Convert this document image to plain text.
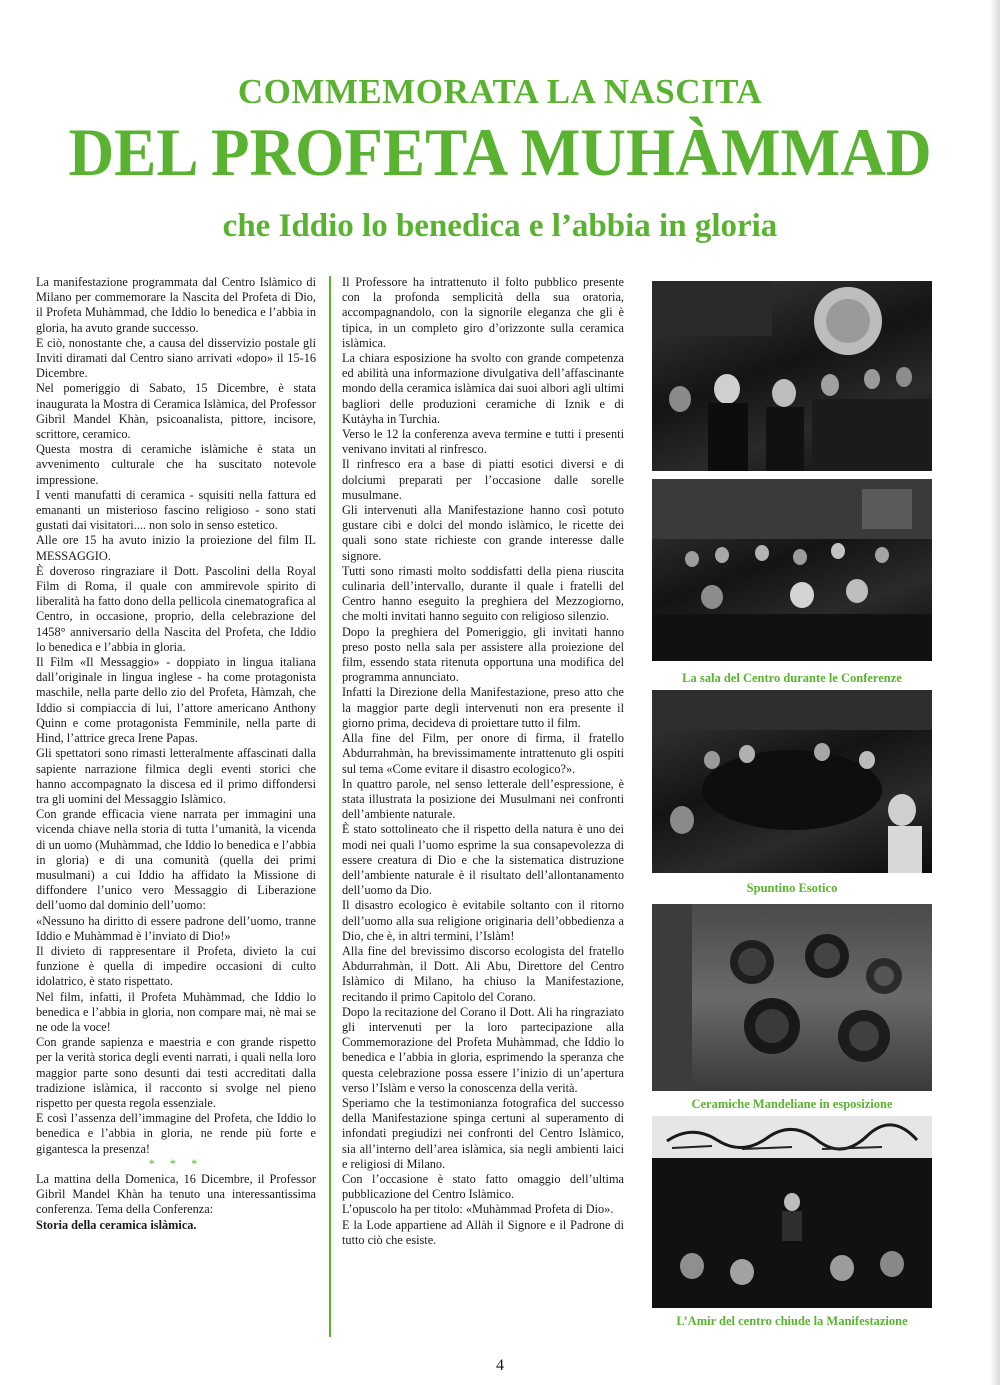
COMMEMORATA LA NASCITA
DEL PROFETA MUHÀMMAD
che Iddio lo benedica e l’abbia in gloria

La manifestazione programmata dal Centro Islàmico di Milano per commemorare la Nascita del Profeta di Dio, il Profeta Muhàmmad, che Iddio lo benedica e l’abbia in gloria, ha avuto grande successo.

E ciò, nonostante che, a causa del disservizio postale gli Inviti diramati dal Centro siano arrivati «dopo» il 15-16 Dicembre.

Nel pomeriggio di Sabato, 15 Dicembre, è stata inaugurata la Mostra di Ceramica Islàmica, del Professor Gibrìl Mandel Khàn, psicoanalista, pittore, incisore, scrittore, ceramico.

Questa mostra di ceramiche islàmiche è stata un avvenimento culturale che ha suscitato notevole impressione.

I venti manufatti di ceramica - squisiti nella fattura ed emananti un misterioso fascino religioso - sono stati gustati dai visitatori.... non solo in senso estetico.

Alle ore 15 ha avuto inizio la proiezione del film IL MESSAGGIO.

È doveroso ringraziare il Dott. Pascolini della Royal Film di Roma, il quale con ammirevole spirito di liberalità ha fatto dono della pellicola cinematografica al Centro, in occasione, proprio, della celebrazione del 1458° anniversario della Nascita del Profeta, che Iddio lo benedica e l’abbia in gloria.

Il Film «Il Messaggio» - doppiato in lingua italiana dall’originale in lingua inglese - ha come protagonista maschile, nella parte dello zio del Profeta, Hàmzah, che Iddio si compiaccia di lui, l’attore americano Anthony Quinn e come protagonista Femminile, nella parte di Hind, l’attrice greca Irene Papas.

Gli spettatori sono rimasti letteralmente affascinati dalla sapiente narrazione filmica degli eventi storici che hanno accompagnato la discesa ed il primo diffondersi tra gli uomini del Messaggio Islàmico.

Con grande efficacia viene narrata per immagini una vicenda chiave nella storia di tutta l’umanità, la vicenda di un uomo (Muhàmmad, che Iddio lo benedica e l’abbia in gloria) e di una comunità (quella dei primi musulmani) a cui Iddio ha affidato la Missione di diffondere l’unico vero Messaggio di Liberazione dell’uomo dal dominio dell’uomo:

«Nessuno ha diritto di essere padrone dell’uomo, tranne Iddio e Muhàmmad è l’inviato di Dio!»

Il divieto di rappresentare il Profeta, divieto la cui funzione è quella di impedire occasioni di culto idolatrico, è stato rispettato.

Nel film, infatti, il Profeta Muhàmmad, che Iddio lo benedica e l’abbia in gloria, non compare mai, nè mai se ne ode la voce!

Con grande sapienza e maestria e con grande rispetto per la verità storica degli eventi narrati, i quali nella loro maggior parte sono desunti dai testi accreditati dalla tradizione islàmica, il racconto si svolge nel pieno rispetto per questa regola essenziale.

E così l’assenza dell’immagine del Profeta, che Iddio lo benedica e l’abbia in gloria, ne rende più forte e gigantesca la presenza!

* * *

La mattina della Domenica, 16 Dicembre, il Professor Gibrìl Mandel Khàn ha tenuto una interessantissima conferenza. Tema della Conferenza:

Storia della ceramica islàmica.

Il Professore ha intrattenuto il folto pubblico presente con la profonda semplicità della sua oratoria, accompagnandolo, con la signorile eleganza che gli è tipica, in un completo giro d’orizzonte sulla ceramica islàmica.

La chiara esposizione ha svolto con grande competenza ed abilità una informazione divulgativa dell’affascinante mondo della ceramica islàmica dai suoi albori agli ultimi bagliori delle produzioni ceramiche di Iznik e di Kutàyha in Turchia.

Verso le 12 la conferenza aveva termine e tutti i presenti venivano invitati al rinfresco.

Il rinfresco era a base di piatti esotici diversi e di dolciumi preparati per l’occasione dalle sorelle musulmane.

Gli intervenuti alla Manifestazione hanno così potuto gustare cibi e dolci del mondo islàmico, le ricette dei quali sono state richieste con grande interesse dalle signore.

Tutti sono rimasti molto soddisfatti della piena riuscita culinaria dell’intervallo, durante il quale i fratelli del Centro hanno eseguito la preghiera del Mezzogiorno, che molti invitati hanno seguito con religioso silenzio.

Dopo la preghiera del Pomeriggio, gli invitati hanno preso posto nella sala per assistere alla proiezione del film, essendo stata ritenuta opportuna una modifica del programma annunciato.

Infatti la Direzione della Manifestazione, preso atto che la maggior parte degli intervenuti non era presente il giorno prima, decideva di proiettare tutto il film.

Alla fine del Film, per onore di firma, il fratello Abdurrahmàn, ha brevissimamente intrattenuto gli ospiti sul tema «Come evitare il disastro ecologico?».

In quattro parole, nel senso letterale dell’espressione, è stata illustrata la posizione dei Musulmani nei confronti dell’ambiente naturale.

È stato sottolineato che il rispetto della natura è uno dei modi nei quali l’uomo esprime la sua consapevolezza di essere creatura di Dio e che la sistematica distruzione dell’ambiente naturale è il risultato dell’allontanamento dell’uomo da Dio.

Il disastro ecologico è evitabile soltanto con il ritorno dell’uomo alla sua religione originaria dell’obbedienza a Dio, che è, in altri termini, l’Islàm!

Alla fine del brevissimo discorso ecologista del fratello Abdurrahmàn, il Dott. Ali Abu, Direttore del Centro Islàmico di Milano, ha chiuso la Manifestazione, recitando il primo Capitolo del Corano.

Dopo la recitazione del Corano il Dott. Ali ha ringraziato gli intervenuti per la loro partecipazione alla Commemorazione del Profeta Muhàmmad, che Iddio lo benedica e l’abbia in gloria, esprimendo la speranza che questa celebrazione possa essere l’inizio di un’apertura verso l’Islàm e verso la conoscenza della verità.

Speriamo che la testimonianza fotografica del successo della Manifestazione spinga certuni al superamento di infondati pregiudizi nei confronti del Centro Islàmico, sia all’interno dell’area islàmica, sia negli ambienti laici e religiosi di Milano.

Con l’occasione è stato fatto omaggio dell’ultima pubblicazione del Centro Islàmico.

L’opuscolo ha per titolo: «Muhàmmad Profeta di Dio».

E la Lode appartiene ad Allàh il Signore e il Padrone di tutto ciò che esiste.

La sala del Centro durante le Conferenze
Spuntino Esotico
Ceramiche Mandeliane in esposizione
L’Amir del centro chiude la Manifestazione
4
